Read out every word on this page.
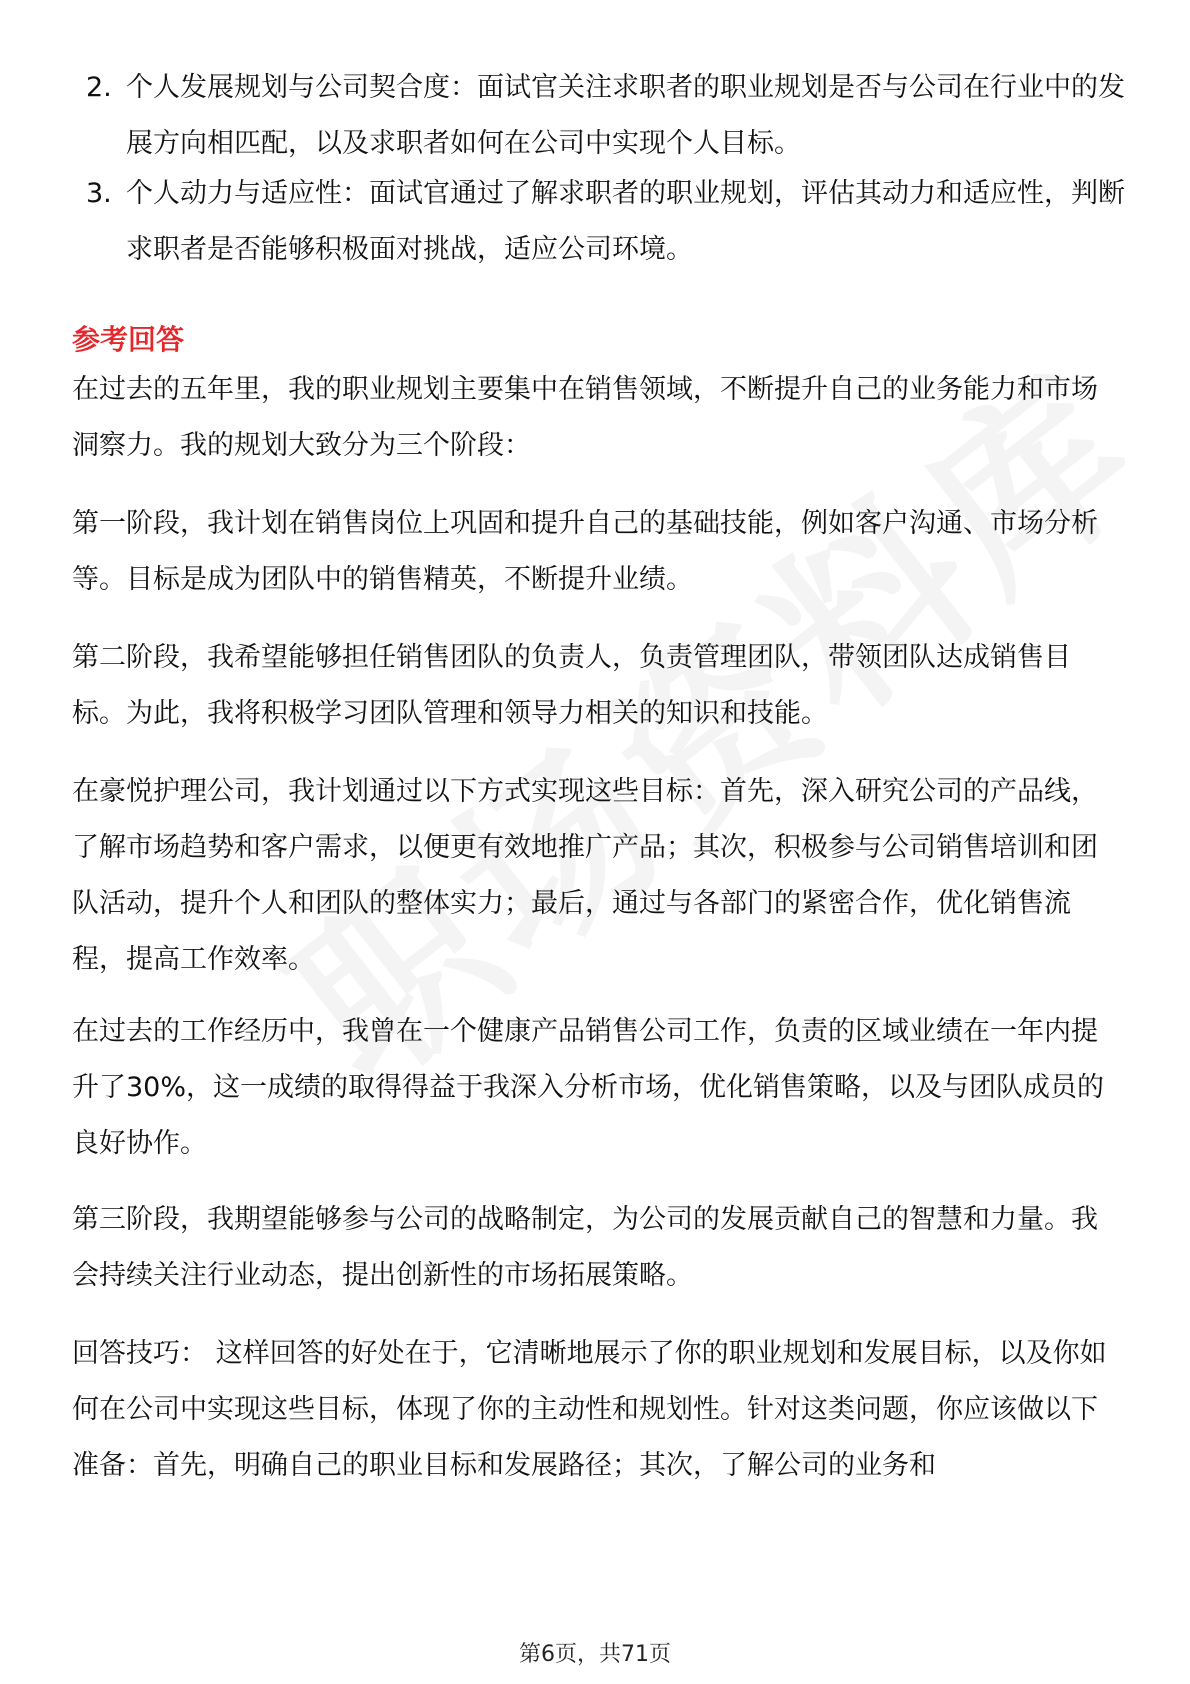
2. 个人发展规划与公司契合度：面试官关注求职者的职业规划是否与公司在行业中的发展方向相匹配，以及求职者如何在公司中实现个人目标。
3. 个人动力与适应性：面试官通过了解求职者的职业规划，评估其动力和适应性，判断求职者是否能够积极面对挑战，适应公司环境。
参考回答

在过去的五年里，我的职业规划主要集中在销售领域，不断提升自己的业务能力和市场洞察力。我的规划大致分为三个阶段：

第一阶段，我计划在销售岗位上巩固和提升自己的基础技能，例如客户沟通、市场分析等。目标是成为团队中的销售精英，不断提升业绩。

第二阶段，我希望能够担任销售团队的负责人，负责管理团队，带领团队达成销售目标。为此，我将积极学习团队管理和领导力相关的知识和技能。

在豪悦护理公司，我计划通过以下方式实现这些目标：首先，深入研究公司的产品线，了解市场趋势和客户需求，以便更有效地推广产品；其次，积极参与公司销售培训和团队活动，提升个人和团队的整体实力；最后，通过与各部门的紧密合作，优化销售流程，提高工作效率。

在过去的工作经历中，我曾在一个健康产品销售公司工作，负责的区域业绩在一年内提升了30%，这一成绩的取得得益于我深入分析市场，优化销售策略，以及与团队成员的良好协作。

第三阶段，我期望能够参与公司的战略制定，为公司的发展贡献自己的智慧和力量。我会持续关注行业动态，提出创新性的市场拓展策略。

回答技巧： 这样回答的好处在于，它清晰地展示了你的职业规划和发展目标，以及你如何在公司中实现这些目标，体现了你的主动性和规划性。针对这类问题，你应该做以下准备：首先，明确自己的职业目标和发展路径；其次，了解公司的业务和

第6页，共71页
